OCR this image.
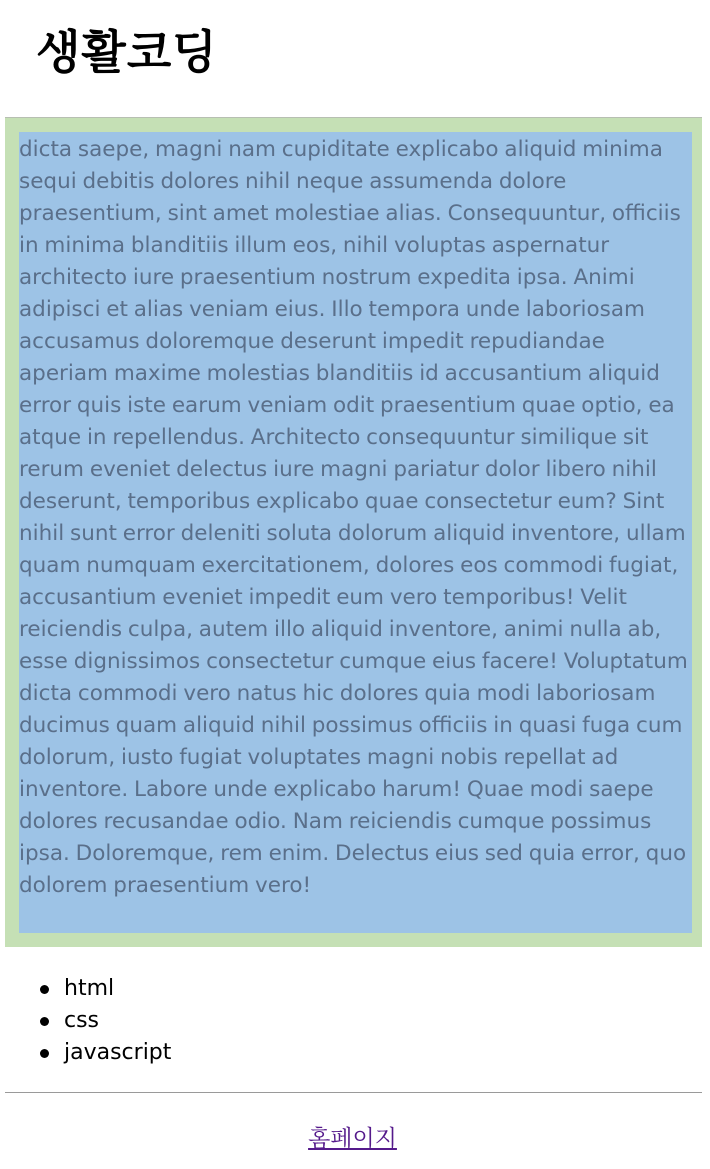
생활코딩

dicta saepe, magni nam cupiditate explicabo aliquid minima sequi debitis dolores nihil neque assumenda dolore praesentium, sint amet molestiae alias. Consequuntur, officiis in minima blanditiis illum eos, nihil voluptas aspernatur architecto iure praesentium nostrum expedita ipsa. Animi adipisci et alias veniam eius. Illo tempora unde laboriosam accusamus doloremque deserunt impedit repudiandae aperiam maxime molestias blanditiis id accusantium aliquid error quis iste earum veniam odit praesentium quae optio, ea atque in repellendus. Architecto consequuntur similique sit rerum eveniet delectus iure magni pariatur dolor libero nihil deserunt, temporibus explicabo quae consectetur eum? Sint nihil sunt error deleniti soluta dolorum aliquid inventore, ullam quam numquam exercitationem, dolores eos commodi fugiat, accusantium eveniet impedit eum vero temporibus! Velit reiciendis culpa, autem illo aliquid inventore, animi nulla ab, esse dignissimos consectetur cumque eius facere! Voluptatum dicta commodi vero natus hic dolores quia modi laboriosam ducimus quam aliquid nihil possimus officiis in quasi fuga cum dolorum, iusto fugiat voluptates magni nobis repellat ad inventore. Labore unde explicabo harum! Quae modi saepe dolores recusandae odio. Nam reiciendis cumque possimus ipsa. Doloremque, rem enim. Delectus eius sed quia error, quo dolorem praesentium vero!

html
css
javascript
홈페이지
